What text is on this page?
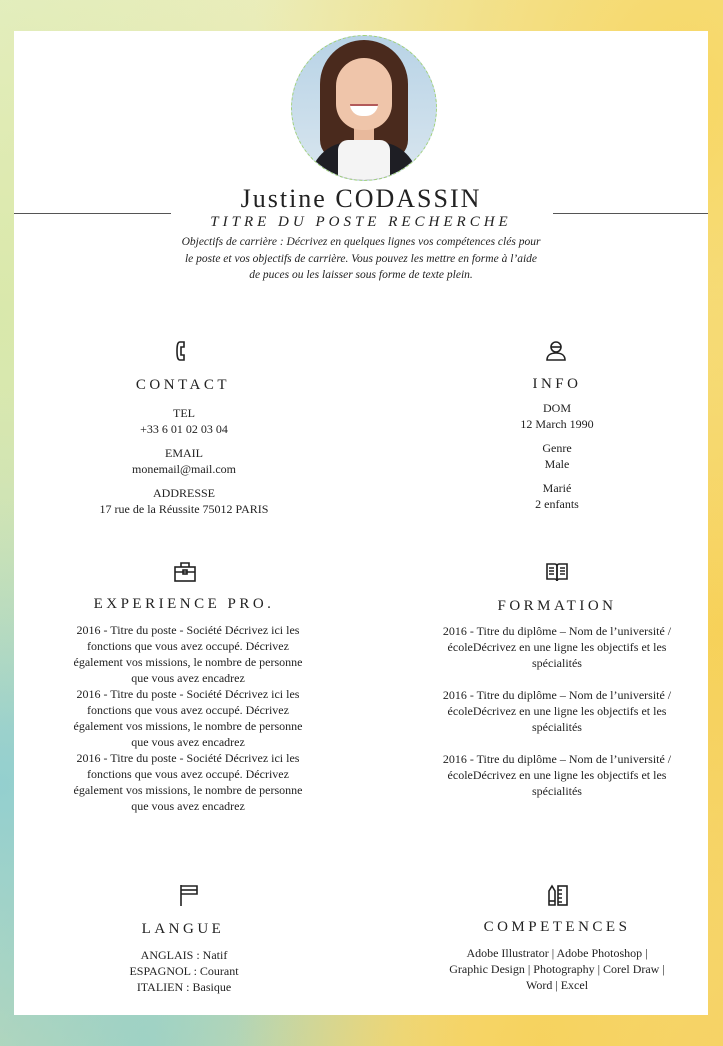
Justine CODASSIN
TITRE DU POSTE RECHERCHE
Objectifs de carrière : Décrivez en quelques lignes vos compétences clés pour le poste et vos objectifs de carrière. Vous pouvez les mettre en forme à l’aide de puces ou les laisser sous forme de texte plein.
CONTACT
TEL
+33 6 01 02 03 04
EMAIL
monemail@mail.com
ADDRESSE
17 rue de la Réussite 75012 PARIS
INFO
DOM
12 March 1990
Genre
Male
Marié
2 enfants
EXPERIENCE PRO.
2016 - Titre du poste - Société Décrivez ici les fonctions que vous avez occupé. Décrivez également vos missions, le nombre de personne que vous avez encadrez
2016 - Titre du poste - Société Décrivez ici les fonctions que vous avez occupé. Décrivez également vos missions, le nombre de personne que vous avez encadrez
2016 - Titre du poste - Société Décrivez ici les fonctions que vous avez occupé. Décrivez également vos missions, le nombre de personne que vous avez encadrez
FORMATION
2016 - Titre du diplôme – Nom de l’université / écoleDécrivez en une ligne les objectifs et les spécialités
2016 - Titre du diplôme – Nom de l’université / écoleDécrivez en une ligne les objectifs et les spécialités
2016 - Titre du diplôme – Nom de l’université / écoleDécrivez en une ligne les objectifs et les spécialités
LANGUE
ANGLAIS : Natif
ESPAGNOL : Courant
ITALIEN : Basique
COMPETENCES
Adobe Illustrator | Adobe Photoshop | Graphic Design | Photography | Corel Draw | Word | Excel
